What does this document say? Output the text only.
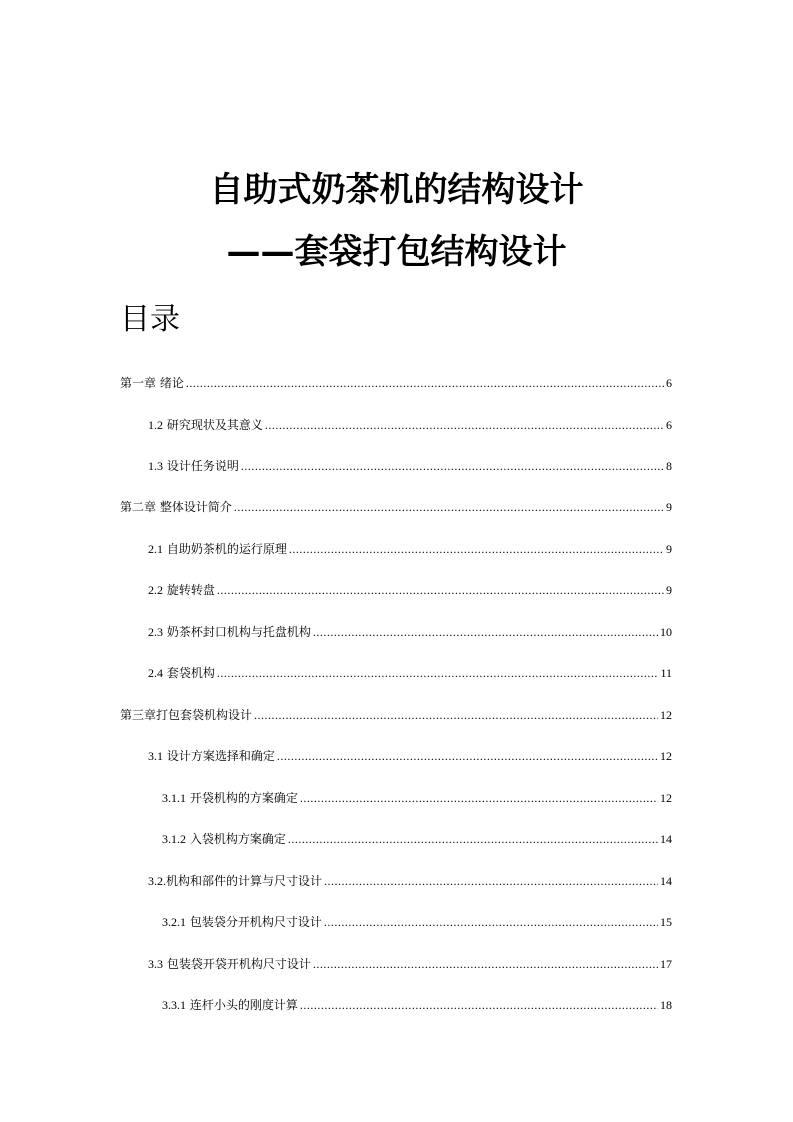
自助式奶茶机的结构设计
——套袋打包结构设计
目录
第一章 绪论 .....	6
1.2 研究现状及其意义 .....	6
1.3 设计任务说明 .....	8
第二章 整体设计简介 .....	9
2.1 自助奶茶机的运行原理 .....	9
2.2 旋转转盘 .....	9
2.3 奶茶杯封口机构与托盘机构 .....	10
2.4 套袋机构 .....	11
第三章打包套袋机构设计 .....	12
3.1 设计方案选择和确定 .....	12
3.1.1 开袋机构的方案确定 .....	12
3.1.2 入袋机构方案确定 .....	14
3.2.机构和部件的计算与尺寸设计 .....	14
3.2.1 包装袋分开机构尺寸设计 .....	15
3.3 包装袋开袋开机构尺寸设计 .....	17
3.3.1 连杆小头的刚度计算 .....	18
